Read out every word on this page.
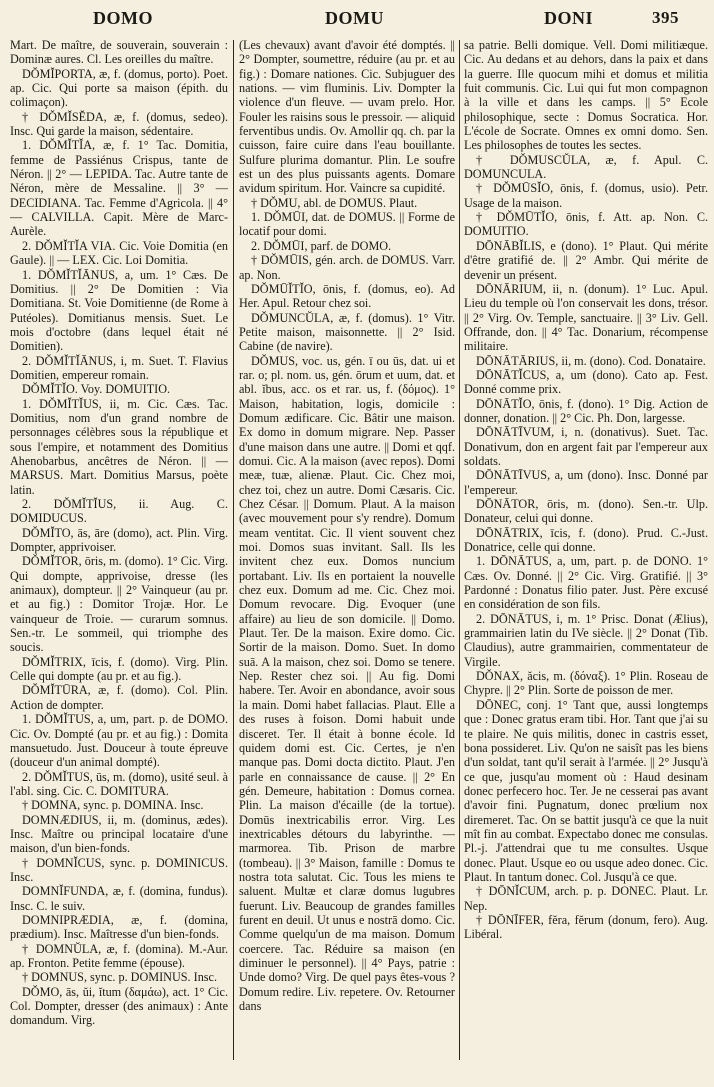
DOMO	DOMU	DONI	395

Mart. De maître, de souverain, souverain : Dominæ aures. Cl. Les oreilles du maître.

DŎMĬPORTA, æ, f. (domus, porto). Poet. ap. Cic. Qui porte sa maison (épith. du colimaçon).

† DŎMĬSĔDA, æ, f. (domus, sedeo). Insc. Qui garde la maison, sédentaire.

1. DŎMĬTĬA, æ, f. 1° Tac. Domitia, femme de Passiénus Crispus, tante de Néron. || 2° — LEPIDA. Tac. Autre tante de Néron, mère de Messaline. || 3° — DECIDIANA. Tac. Femme d'Agricola. || 4° — CALVILLA. Capit. Mère de Marc-Aurèle.

2. DŎMĬTĬA VIA. Cic. Voie Domitia (en Gaule). || — LEX. Cic. Loi Domitia.

1. DŎMĬTĬĀNUS, a, um. 1° Cæs. De Domitius. || 2° De Domitien : Via Domitiana. St. Voie Domitienne (de Rome à Putéoles). Domitianus mensis. Suet. Le mois d'octobre (dans lequel était né Domitien).

2. DŎMĬTĬĀNUS, i, m. Suet. T. Flavius Domitien, empereur romain.

DŎMĬTĬO. Voy. DOMUITIO.

1. DŎMĬTĬUS, ii, m. Cic. Cæs. Tac. Domitius, nom d'un grand nombre de personnages célèbres sous la république et sous l'empire, et notamment des Domitius Ahenobarbus, ancêtres de Néron. || — MARSUS. Mart. Domitius Marsus, poète latin.

2. DŎMĬTĬUS, ii. Aug. C. DOMIDUCUS.

DŎMĬTO, ās, āre (domo), act. Plin. Virg. Dompter, apprivoiser.

DŎMĬTOR, ōris, m. (domo). 1° Cic. Virg. Qui dompte, apprivoise, dresse (les animaux), dompteur. || 2° Vainqueur (au pr. et au fig.) : Domitor Trojæ. Hor. Le vainqueur de Troie. — curarum somnus. Sen.-tr. Le sommeil, qui triomphe des soucis.

DŎMĬTRIX, īcis, f. (domo). Virg. Plin. Celle qui dompte (au pr. et au fig.).

DŎMĬTŪRA, æ, f. (domo). Col. Plin. Action de dompter.

1. DŎMĬTUS, a, um, part. p. de DOMO. Cic. Ov. Dompté (au pr. et au fig.) : Domita mansuetudo. Just. Douceur à toute épreuve (douceur d'un animal dompté).

2. DŎMĬTUS, ūs, m. (domo), usité seul. à l'abl. sing. Cic. C. DOMITURA.

† DOMNA, sync. p. DOMINA. Insc.

DOMNÆDIUS, ii, m. (dominus, ædes). Insc. Maître ou principal locataire d'une maison, d'un bien-fonds.

† DOMNĬCUS, sync. p. DOMINICUS. Insc.

DOMNĬFUNDA, æ, f. (domina, fundus). Insc. C. le suiv.

DOMNIPRÆDIA, æ, f. (domina, prædium). Insc. Maîtresse d'un bien-fonds.

† DOMNŬLA, æ, f. (domina). M.-Aur. ap. Fronton. Petite femme (épouse).

† DOMNUS, sync. p. DOMINUS. Insc.

DŎMO, ās, ŭi, ĭtum (δαμάω), act. 1° Cic. Col. Dompter, dresser (des animaux) : Ante domandum. Virg.

(Les chevaux) avant d'avoir été domptés. || 2° Dompter, soumettre, réduire (au pr. et au fig.) : Domare nationes. Cic. Subjuguer des nations. — vim fluminis. Liv. Dompter la violence d'un fleuve. — uvam prelo. Hor. Fouler les raisins sous le pressoir. — aliquid ferventibus undis. Ov. Amollir qq. ch. par la cuisson, faire cuire dans l'eau bouillante. Sulfure plurima domantur. Plin. Le soufre est un des plus puissants agents. Domare avidum spiritum. Hor. Vaincre sa cupidité.

† DŎMU, abl. de DOMUS. Plaut.

1. DŎMŪI, dat. de DOMUS. || Forme de locatif pour domi.

2. DŎMŪI, parf. de DOMO.

† DŎMŪIS, gén. arch. de DOMUS. Varr. ap. Non.

DŎMŪĬTĬO, ōnis, f. (domus, eo). Ad Her. Apul. Retour chez soi.

DŎMUNCŬLA, æ, f. (domus). 1° Vitr. Petite maison, maisonnette. || 2° Isid. Cabine (de navire).

DŎMUS, voc. us, gén. ī ou ūs, dat. ui et rar. o; pl. nom. us, gén. ōrum et uum, dat. et abl. ĭbus, acc. os et rar. us, f. (δόμος). 1° Maison, habitation, logis, domicile : Domum ædificare. Cic. Bâtir une maison. Ex domo in domum migrare. Nep. Passer d'une maison dans une autre. || Domi et qqf. domui. Cic. A la maison (avec repos). Domi meæ, tuæ, alienæ. Plaut. Cic. Chez moi, chez toi, chez un autre. Domi Cæsaris. Cic. Chez César. || Domum. Plaut. A la maison (avec mouvement pour s'y rendre). Domum meam ventitat. Cic. Il vient souvent chez moi. Domos suas invitant. Sall. Ils les invitent chez eux. Domos nuncium portabant. Liv. Ils en portaient la nouvelle chez eux. Domum ad me. Cic. Chez moi. Domum revocare. Dig. Evoquer (une affaire) au lieu de son domicile. || Domo. Plaut. Ter. De la maison. Exire domo. Cic. Sortir de la maison. Domo. Suet. In domo suā. A la maison, chez soi. Domo se tenere. Nep. Rester chez soi. || Au fig. Domi habere. Ter. Avoir en abondance, avoir sous la main. Domi habet fallacias. Plaut. Elle a des ruses à foison. Domi habuit unde disceret. Ter. Il était à bonne école. Id quidem domi est. Cic. Certes, je n'en manque pas. Domi docta dictito. Plaut. J'en parle en connaissance de cause. || 2° En gén. Demeure, habitation : Domus cornea. Plin. La maison d'écaille (de la tortue). Domūs inextricabilis error. Virg. Les inextricables détours du labyrinthe. — marmorea. Tib. Prison de marbre (tombeau). || 3° Maison, famille : Domus te nostra tota salutat. Cic. Tous les miens te saluent. Multæ et claræ domus lugubres fuerunt. Liv. Beaucoup de grandes familles furent en deuil. Ut unus e nostrā domo. Cic. Comme quelqu'un de ma maison. Domum coercere. Tac. Réduire sa maison (en diminuer le personnel). || 4° Pays, patrie : Unde domo? Virg. De quel pays êtes-vous ? Domum redire. Liv. repetere. Ov. Retourner dans

sa patrie. Belli domique. Vell. Domi militiæque. Cic. Au dedans et au dehors, dans la paix et dans la guerre. Ille quocum mihi et domus et militia fuit communis. Cic. Lui qui fut mon compagnon à la ville et dans les camps. || 5° Ecole philosophique, secte : Domus Socratica. Hor. L'école de Socrate. Omnes ex omni domo. Sen. Les philosophes de toutes les sectes.

† DŎMUSCŬLA, æ, f. Apul. C. DOMUNCULA.

† DŎMŪSĬO, ōnis, f. (domus, usio). Petr. Usage de la maison.

† DŎMŪTĬO, ōnis, f. Att. ap. Non. C. DOMUITIO.

DŌNĀBĬLIS, e (dono). 1° Plaut. Qui mérite d'être gratifié de. || 2° Ambr. Qui mérite de devenir un présent.

DŌNĀRIUM, ii, n. (donum). 1° Luc. Apul. Lieu du temple où l'on conservait les dons, trésor. || 2° Virg. Ov. Temple, sanctuaire. || 3° Liv. Gell. Offrande, don. || 4° Tac. Donarium, récompense militaire.

DŌNĀTĀRIUS, ii, m. (dono). Cod. Donataire.

DŌNĀTĬCUS, a, um (dono). Cato ap. Fest. Donné comme prix.

DŌNĀTĬO, ōnis, f. (dono). 1° Dig. Action de donner, donation. || 2° Cic. Ph. Don, largesse.

DŌNĀTĪVUM, i, n. (donativus). Suet. Tac. Donativum, don en argent fait par l'empereur aux soldats.

DŌNĀTĪVUS, a, um (dono). Insc. Donné par l'empereur.

DŌNĀTOR, ōris, m. (dono). Sen.-tr. Ulp. Donateur, celui qui donne.

DŌNĀTRIX, īcis, f. (dono). Prud. C.-Just. Donatrice, celle qui donne.

1. DŌNĀTUS, a, um, part. p. de DONO. 1° Cæs. Ov. Donné. || 2° Cic. Virg. Gratifié. || 3° Pardonné : Donatus filio pater. Just. Père excusé en considération de son fils.

2. DŌNĀTUS, i, m. 1° Prisc. Donat (Ælius), grammairien latin du IVe siècle. || 2° Donat (Tib. Claudius), autre grammairien, commentateur de Virgile.

DŎNAX, ăcis, m. (δόναξ). 1° Plin. Roseau de Chypre. || 2° Plin. Sorte de poisson de mer.

DŌNEC, conj. 1° Tant que, aussi longtemps que : Donec gratus eram tibi. Hor. Tant que j'ai su te plaire. Ne quis militis, donec in castris esset, bona possideret. Liv. Qu'on ne saisît pas les biens d'un soldat, tant qu'il serait à l'armée. || 2° Jusqu'à ce que, jusqu'au moment où : Haud desinam donec perfecero hoc. Ter. Je ne cesserai pas avant d'avoir fini. Pugnatum, donec prœlium nox diremeret. Tac. On se battit jusqu'à ce que la nuit mît fin au combat. Expectabo donec me consulas. Pl.-j. J'attendrai que tu me consultes. Usque donec. Plaut. Usque eo ou usque adeo donec. Cic. Plaut. In tantum donec. Col. Jusqu'à ce que.

† DŌNĬCUM, arch. p. p. DONEC. Plaut. Lr. Nep.

† DŌNĪFER, fĕra, fĕrum (donum, fero). Aug. Libéral.
